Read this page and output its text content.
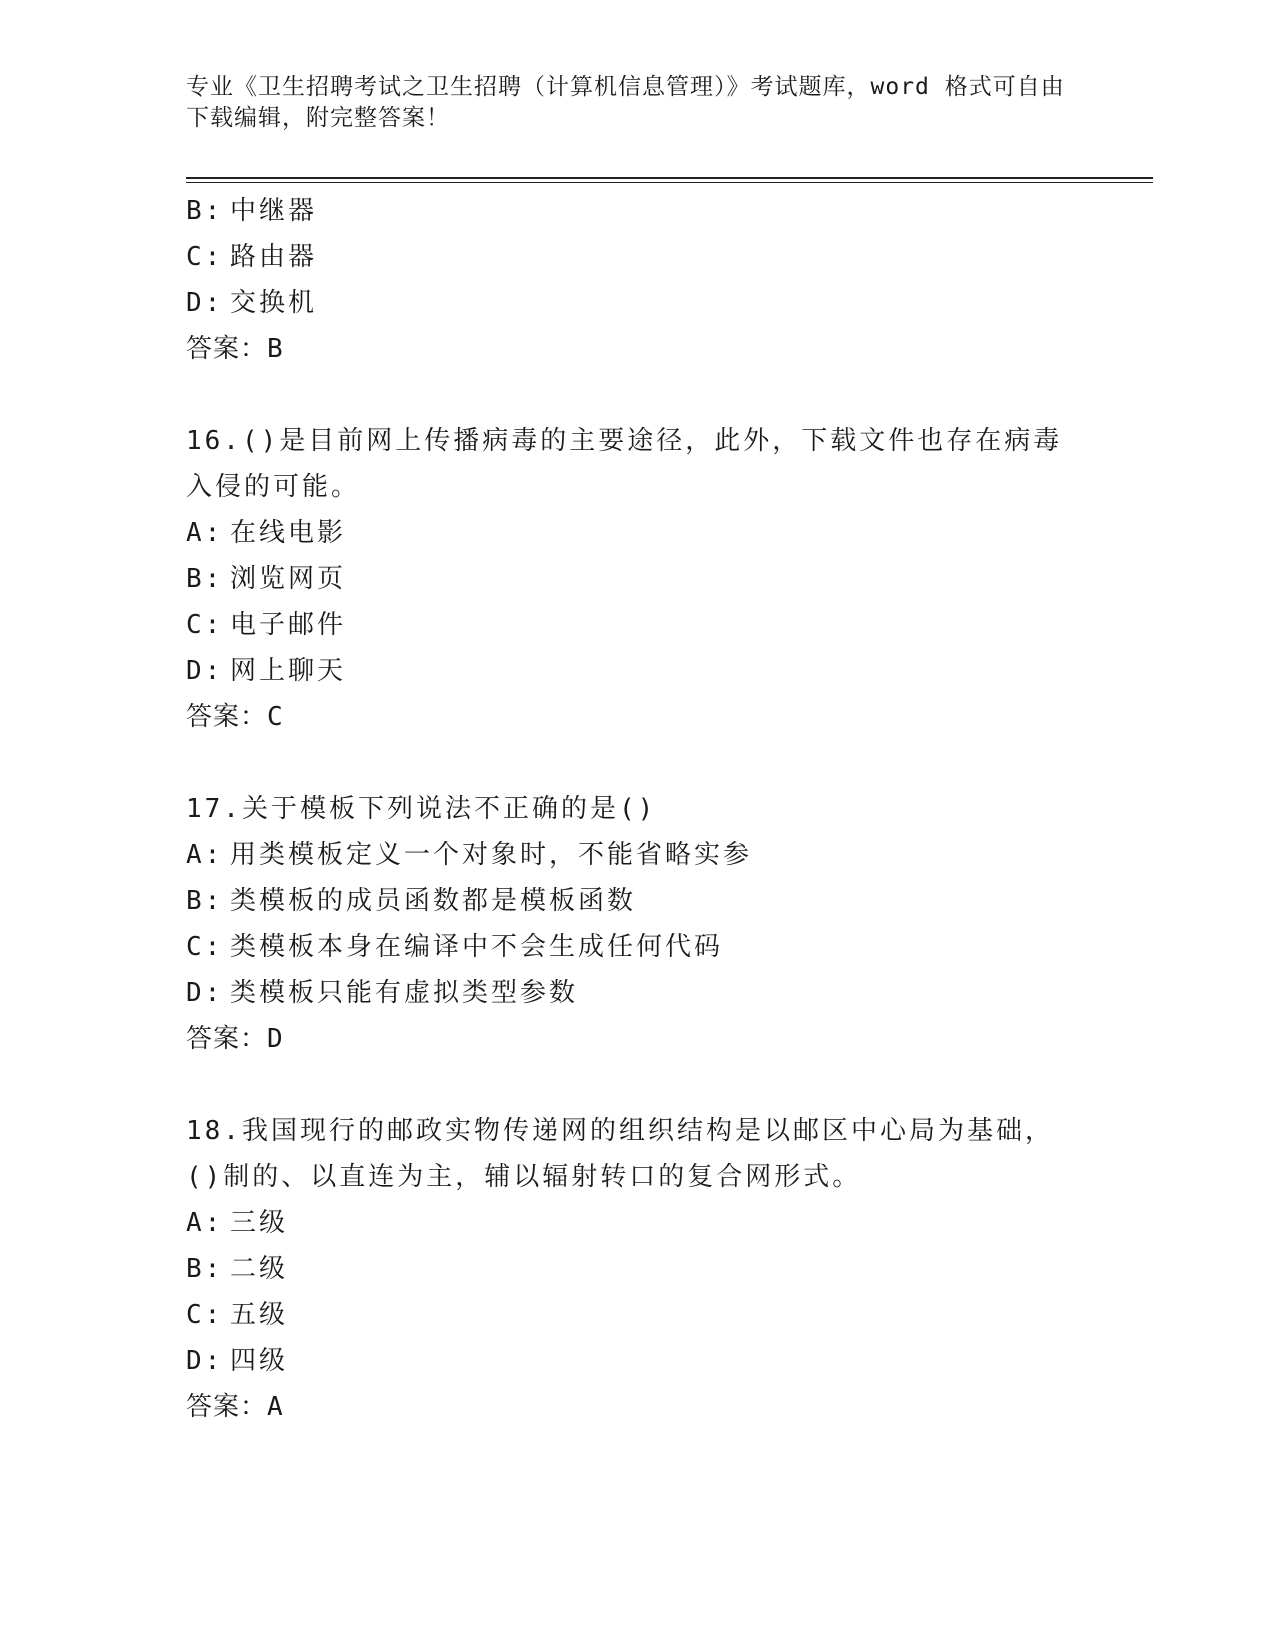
专业《卫生招聘考试之卫生招聘（计算机信息管理）》考试题库，word 格式可自由下载编辑，附完整答案！
B: 中继器
C: 路由器
D: 交换机
答案：B
16.()是目前网上传播病毒的主要途径，此外，下载文件也存在病毒入侵的可能。
A: 在线电影
B: 浏览网页
C: 电子邮件
D: 网上聊天
答案：C
17.关于模板下列说法不正确的是()
A: 用类模板定义一个对象时，不能省略实参
B: 类模板的成员函数都是模板函数
C: 类模板本身在编译中不会生成任何代码
D: 类模板只能有虚拟类型参数
答案：D
18.我国现行的邮政实物传递网的组织结构是以邮区中心局为基础，()制的、以直连为主，辅以辐射转口的复合网形式。
A: 三级
B: 二级
C: 五级
D: 四级
答案：A
